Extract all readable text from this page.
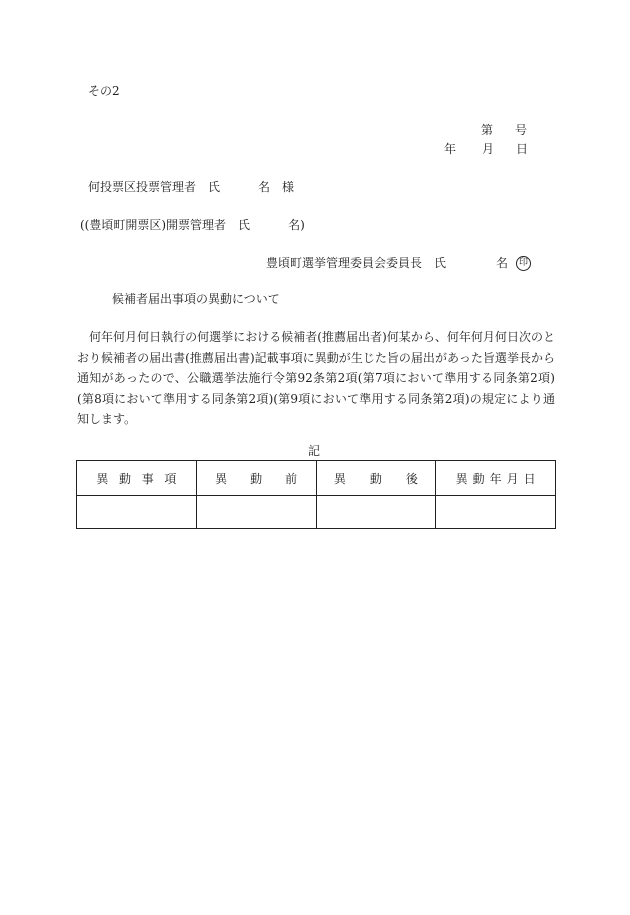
その2
第 号
年 月 日
何投票区投票管理者 氏	名 様
((豊頃町開票区)開票管理者 氏	名)
豊頃町選挙管理委員会委員長 氏	名 印
候補者届出事項の異動について
何年何月何日執行の何選挙における候補者(推薦届出者)何某から、何年何月何日次のとおり候補者の届出書(推薦届出書)記載事項に異動が生じた旨の届出があった旨選挙長から通知があったので、公職選挙法施行令第92条第2項(第7項において準用する同条第2項)(第8項において準用する同条第2項)(第9項において準用する同条第2項)の規定により通知します。
記
異 動 事 項	異 動 前	異 動 後	異 動 年 月 日
